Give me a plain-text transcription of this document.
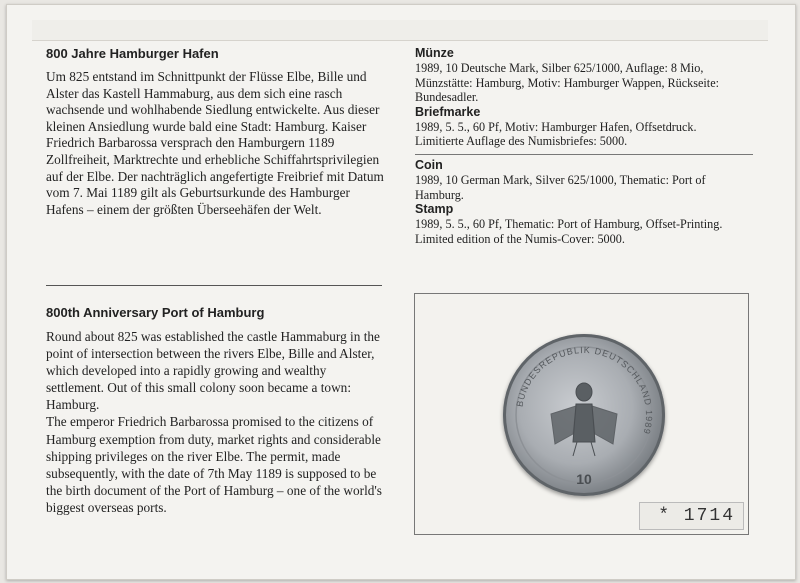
800 Jahre Hamburger Hafen

Um 825 entstand im Schnittpunkt der Flüsse Elbe, Bille und Alster das Kastell Hammaburg, aus dem sich eine rasch wachsende und wohlhabende Siedlung entwickelte. Aus dieser kleinen Ansiedlung wurde bald eine Stadt: Hamburg. Kaiser Friedrich Barbarossa versprach den Hamburgern 1189 Zollfreiheit, Marktrechte und erhebliche Schiffahrtsprivilegien auf der Elbe. Der nachträglich angefertigte Freibrief mit Datum vom 7. Mai 1189 gilt als Geburtsurkunde des Hamburger Hafens – einem der größten Überseehäfen der Welt.

800th Anniversary Port of Hamburg

Round about 825 was established the castle Hammaburg in the point of intersection between the rivers Elbe, Bille and Alster, which developed into a rapidly growing and wealthy settlement. Out of this small colony soon became a town: Hamburg.

The emperor Friedrich Barbarossa promised to the citizens of Hamburg exemption from duty, market rights and considerable shipping privileges on the river Elbe. The permit, made subsequently, with the date of 7th May 1189 is supposed to be the birth document of the Port of Hamburg – one of the world's biggest overseas ports.

Münze

1989, 10 Deutsche Mark, Silber 625/1000, Auflage: 8 Mio, Münzstätte: Hamburg, Motiv: Hamburger Wappen, Rückseite: Bundesadler.

Briefmarke

1989, 5. 5., 60 Pf, Motiv: Hamburger Hafen, Offsetdruck.

Limitierte Auflage des Numisbriefes: 5000.

Coin

1989, 10 German Mark, Silver 625/1000, Thematic: Port of Hamburg.

Stamp

1989, 5. 5., 60 Pf, Thematic: Port of Hamburg, Offset-Printing.

Limited edition of the Numis-Cover: 5000.

BUNDESREPUBLIK DEUTSCHLAND 1989
10
* 1714
